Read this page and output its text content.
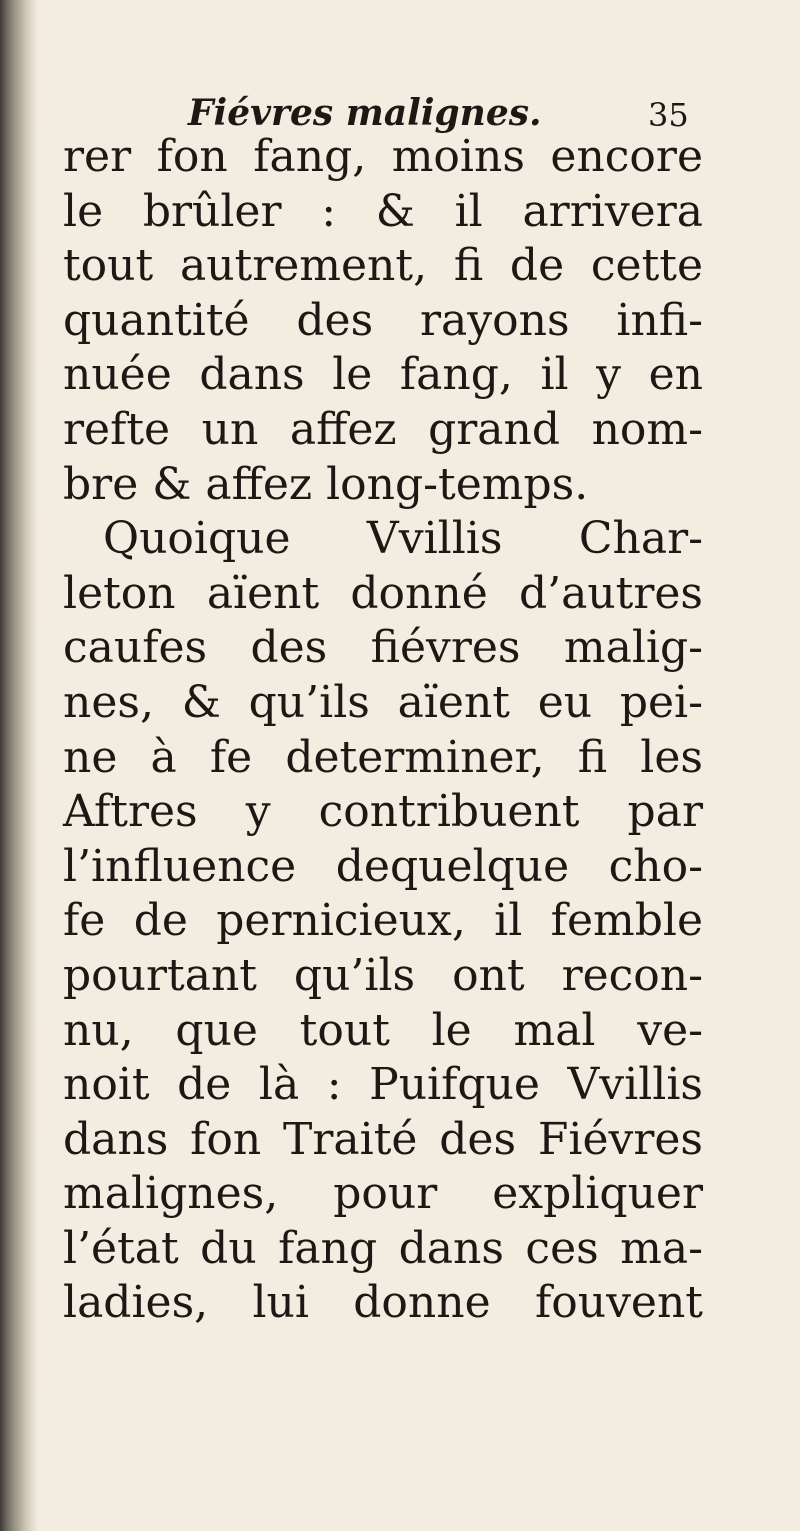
Fiévres malignes.	35
rer fon fang, moins encore
le brûler : & il arrivera
tout autrement, fi de cette
quantité des rayons infi-
nuée dans le fang, il y en
refte un affez grand nom-
bre & affez long-temps.
Quoique Vvillis Char-
leton aïent donné d’autres
caufes des fiévres malig-
nes, & qu’ils aïent eu pei-
ne à fe determiner, fi les
Aftres y contribuent par
l’influence dequelque cho-
fe de pernicieux, il femble
pourtant qu’ils ont recon-
nu, que tout le mal ve-
noit de là : Puifque Vvillis
dans fon Traité des Fiévres
malignes, pour expliquer
l’état du fang dans ces ma-
ladies, lui donne fouvent
